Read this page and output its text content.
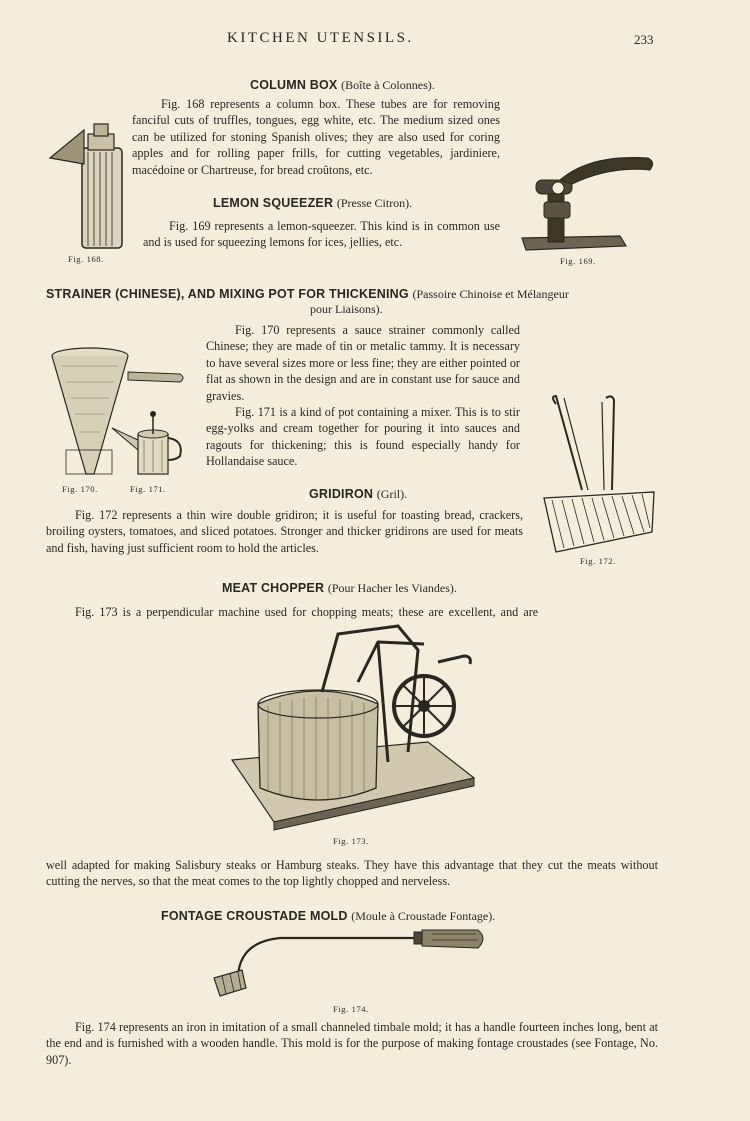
KITCHEN UTENSILS.	233
COLUMN BOX (Boîte à Colonnes).
Fig. 168.

Fig. 168 represents a column box. These tubes are for removing fanciful cuts of truffles, tongues, egg white, etc. The medium sized ones can be utilized for stoning Spanish olives; they are also used for coring apples and for rolling paper frills, for cutting vegetables, jardiniere, macédoine or Chartreuse, for bread croûtons, etc.

LEMON SQUEEZER (Presse Citron).

Fig. 169 represents a lemon-squeezer. This kind is in common use and is used for squeezing lemons for ices, jellies, etc.

Fig. 169.
STRAINER (CHINESE), AND MIXING POT FOR THICKENING (Passoire Chinoise et Mélangeur
pour Liaisons).

Fig. 170 represents a sauce strainer commonly called Chinese; they are made of tin or metalic tammy. It is necessary to have several sizes more or less fine; they are either pointed or flat as shown in the design and are in constant use for sauce and gravies.

Fig. 171 is a kind of pot containing a mixer. This is to stir egg-yolks and cream together for pouring it into sauces and ragouts for thickening; this is found especially handy for Hollandaise sauce.

Fig. 170.	Fig. 171.	GRIDIRON (Gril).

Fig. 172 represents a thin wire double gridiron; it is useful for toasting bread, crackers, broiling oysters, tomatoes, and sliced potatoes. Stronger and thicker gridirons are used for meats and fish, having just sufficient room to hold the articles.

Fig. 172.
MEAT CHOPPER (Pour Hacher les Viandes).

Fig. 173 is a perpendicular machine used for chopping meats; these are excellent, and are

Fig. 173.

well adapted for making Salisbury steaks or Hamburg steaks. They have this advantage that they cut the meats without cutting the nerves, so that the meat comes to the top lightly chopped and nerveless.

FONTAGE CROUSTADE MOLD (Moule à Croustade Fontage).
Fig. 174.

Fig. 174 represents an iron in imitation of a small channeled timbale mold; it has a handle fourteen inches long, bent at the end and is furnished with a wooden handle. This mold is for the purpose of making fontage croustades (see Fontage, No. 907).
